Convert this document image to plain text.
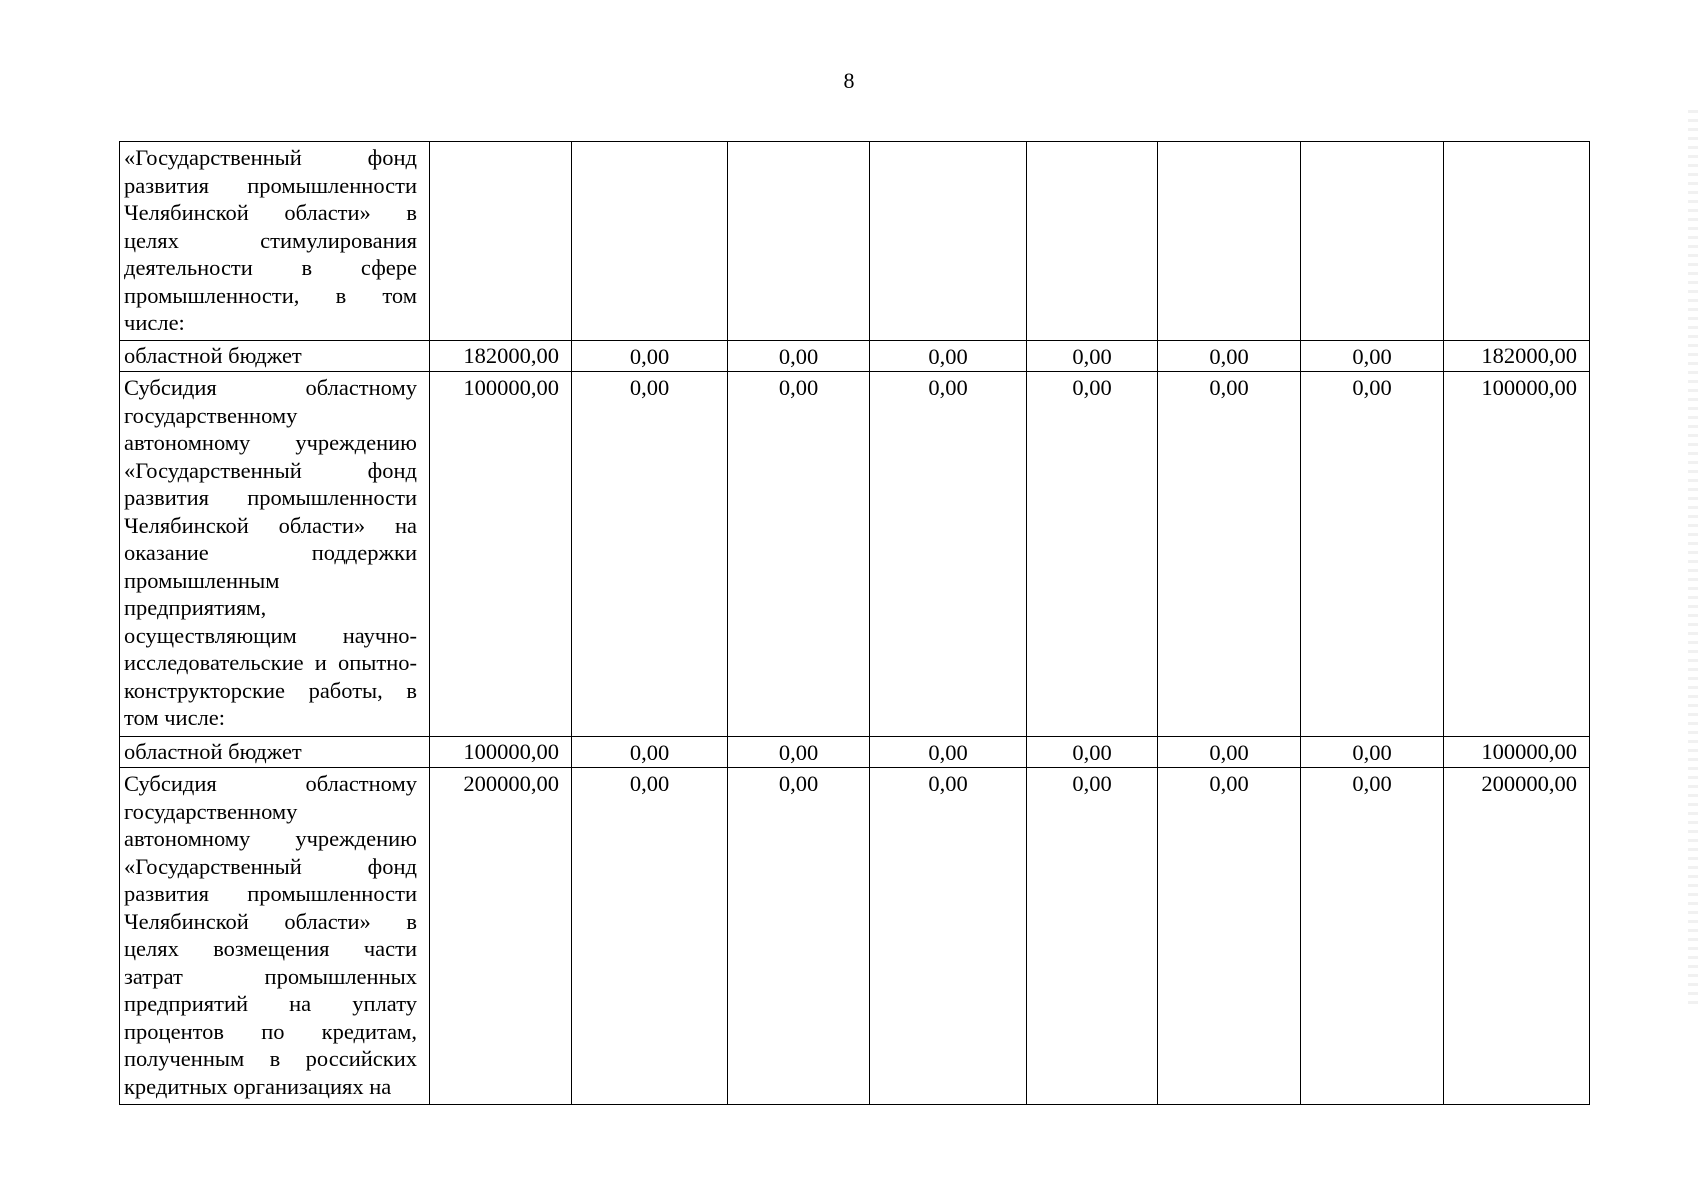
8
«Государственный фонд развития промышленности Челябинской области» в целях стимулирования деятельности в сфере промышленности, в том числе:								
областной бюджет	182000,00	0,00	0,00	0,00	0,00	0,00	0,00	182000,00
Субсидия областному государственному автономному учреждению «Государственный фонд развития промышленности Челябинской области» на оказание поддержки промышленным предприятиям, осуществляющим научно-исследовательские и опытно-конструкторские работы, в том числе:	100000,00	0,00	0,00	0,00	0,00	0,00	0,00	100000,00
областной бюджет	100000,00	0,00	0,00	0,00	0,00	0,00	0,00	100000,00
Субсидия областному государственному автономному учреждению «Государственный фонд развития промышленности Челябинской области» в целях возмещения части затрат промышленных предприятий на уплату процентов по кредитам, полученным в российских кредитных организациях на	200000,00	0,00	0,00	0,00	0,00	0,00	0,00	200000,00
